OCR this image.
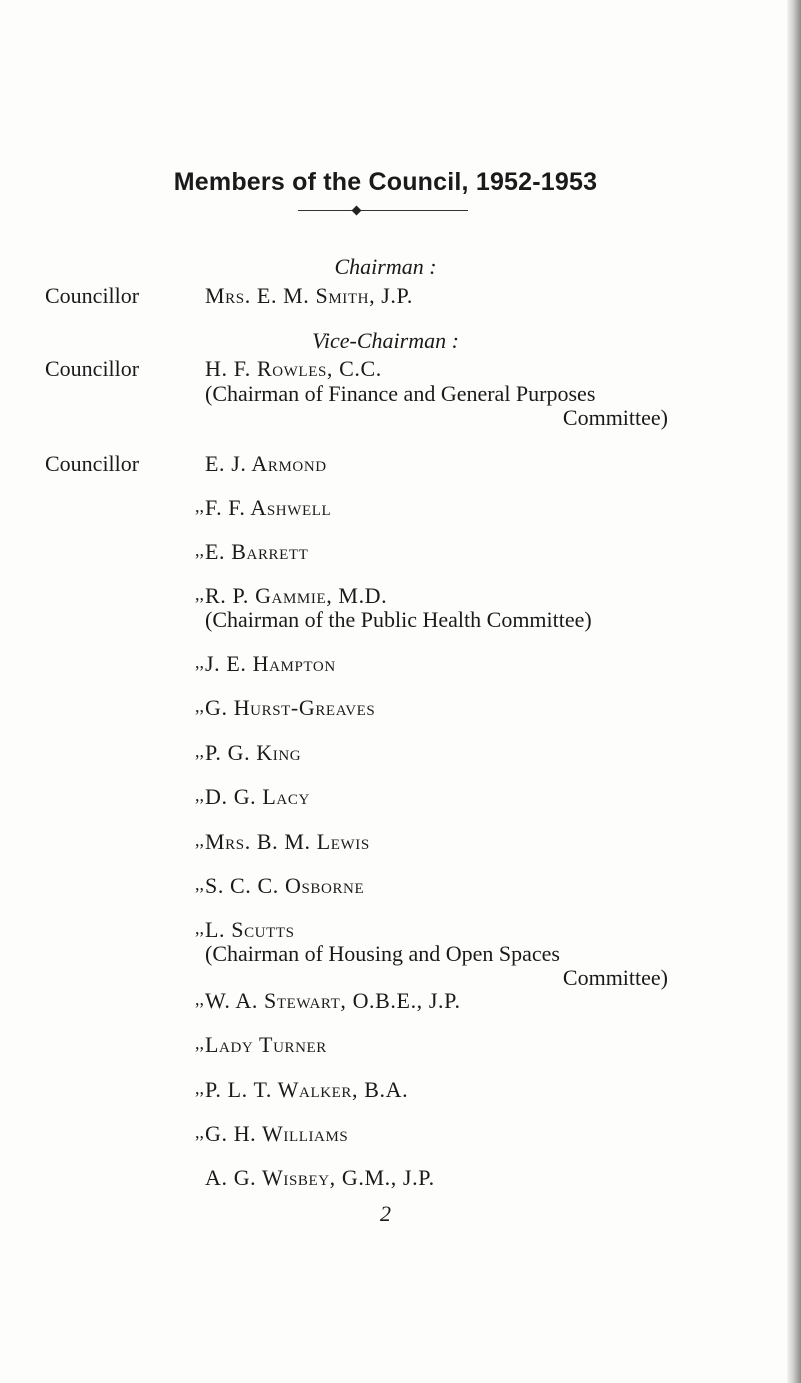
Members of the Council, 1952-1953
Chairman :
Councillor	Mrs. E. M. Smith, J.P.
Vice-Chairman :
Councillor	H. F. Rowles, C.C.
(Chairman of Finance and General Purposes
Committee)
Councillor	E. J. Armond
,, F. F. Ashwell
,, E. Barrett
,, R. P. Gammie, M.D.
(Chairman of the Public Health Committee)
,, J. E. Hampton
,, G. Hurst-Greaves
,, P. G. King
,, D. G. Lacy
,, Mrs. B. M. Lewis
,, S. C. C. Osborne
,, L. Scutts
(Chairman of Housing and Open Spaces
Committee)
,, W. A. Stewart, O.B.E., J.P.
,, Lady Turner
,, P. L. T. Walker, B.A.
,, G. H. Williams
A. G. Wisbey, G.M., J.P.
2
